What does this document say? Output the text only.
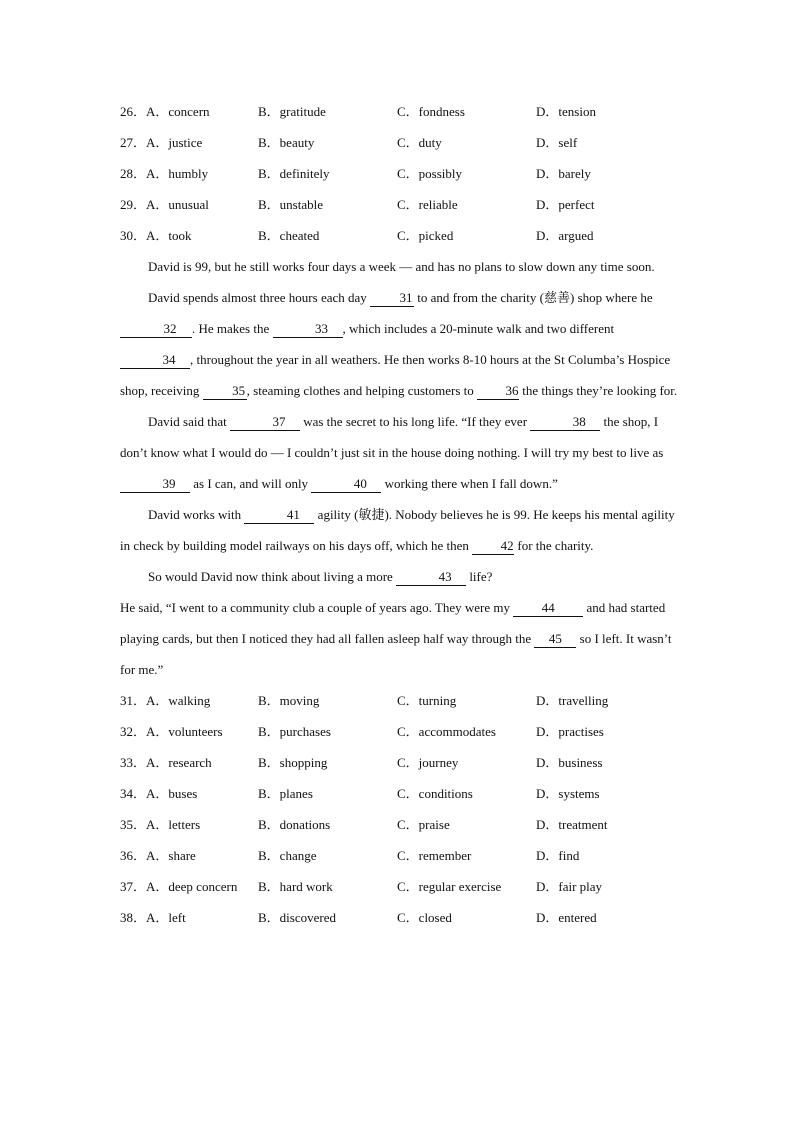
26．A．concern	B．gratitude	C．fondness	D．tension
27．A．justice	B．beauty	C．duty	D．self
28．A．humbly	B．definitely	C．possibly	D．barely
29．A．unusual	B．unstable	C．reliable	D．perfect
30．A．took	B．cheated	C．picked	D．argued
David is 99, but he still works four days a week — and has no plans to slow down any time soon.
David spends almost three hours each day 31 to and from the charity (慈善) shop where he 32 . He makes the	33 , which includes a 20-minute walk and two different 34 , throughout the year in all weathers. He then works 8-10 hours at the St Columba’s Hospice shop, receiving 35 , steaming clothes and helping customers to 36 the things they’re looking for.
David said that	37 was the secret to his long life. “If they ever	38 the shop, I don’t know what I would do — I couldn’t just sit in the house doing nothing. I will try my best to live as 39 as I can, and will only	40 working there when I fall down.”
David works with	41 agility (敏捷). Nobody believes he is 99. He keeps his mental agility in check by building model railways on his days off, which he then 42 for the charity.
So would David now think about living a more	43 life?
He said, “I went to a community club a couple of years ago. They were my 44 and had started playing cards, but then I noticed they had all fallen asleep half way through the 45 so I left. It wasn’t for me.”
31．A．walking	B．moving	C．turning	D．travelling
32．A．volunteers	B．purchases	C．accommodates	D．practises
33．A．research	B．shopping	C．journey	D．business
34．A．buses	B．planes	C．conditions	D．systems
35．A．letters	B．donations	C．praise	D．treatment
36．A．share	B．change	C．remember	D．find
37．A．deep concern B．hard work	C．regular exercise	D．fair play
38．A．left	B．discovered	C．closed	D．entered
